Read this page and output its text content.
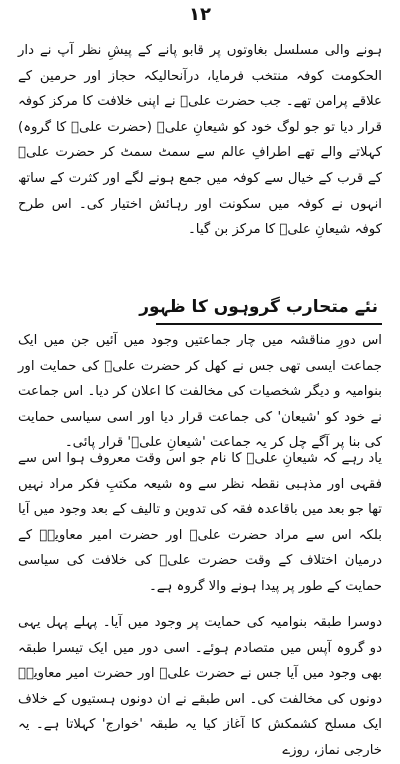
۱۲

ہونے والی مسلسل بغاوتوں پر قابو پانے کے پیشِ نظر آپ نے دار الحکومت کوفہ منتخب فرمایا، درآنحالیکہ حجاز اور حرمین کے علاقے پرامن تھے۔ جب حضرت علیؓ نے اپنی خلافت کا مرکز کوفہ قرار دیا تو جو لوگ خود کو شیعانِ علیؓ (حضرت علیؓ کا گروہ) کہلاتے والے تھے اطرافِ عالم سے سمٹ سمٹ کر حضرت علیؓ کے قرب کے خیال سے کوفہ میں جمع ہونے لگے اور کثرت کے ساتھ انہوں نے کوفہ میں سکونت اور رہائش اختیار کی۔ اس طرح کوفہ شیعانِ علیؓ کا مرکز بن گیا۔

نئے متحارب گروہوں کا ظہور

اس دورِ مناقشہ میں چار جماعتیں وجود میں آئیں جن میں ایک جماعت ایسی تھی جس نے کھل کر حضرت علیؓ کی حمایت اور بنوامیہ و دیگر شخصیات کی مخالفت کا اعلان کر دیا۔ اس جماعت نے خود کو 'شیعان' کی جماعت قرار دیا اور اسی سیاسی حمایت کی بنا پر آگے چل کر یہ جماعت 'شیعانِ علیؓ' قرار پائی۔

یاد رہے کہ شیعانِ علیؓ کا نام جو اس وقت معروف ہوا اس سے فقہی اور مذہبی نقطہ نظر سے وہ شیعہ مکتبِ فکر مراد نہیں تھا جو بعد میں باقاعدہ فقہ کی تدوین و تالیف کے بعد وجود میں آیا بلکہ اس سے مراد حضرت علیؓ اور حضرت امیر معاویہؓ کے درمیان اختلاف کے وقت حضرت علیؓ کی خلافت کی سیاسی حمایت کے طور پر پیدا ہونے والا گروہ ہے۔

دوسرا طبقہ بنوامیہ کی حمایت پر وجود میں آیا۔ پہلے پہل یہی دو گروہ آپس میں متصادم ہوئے۔ اسی دور میں ایک تیسرا طبقہ بھی وجود میں آیا جس نے حضرت علیؓ اور حضرت امیر معاویہؓ دونوں کی مخالفت کی۔ اس طبقے نے ان دونوں ہستیوں کے خلاف ایک مسلح کشمکش کا آغاز کیا یہ طبقہ 'خوارج' کہلاتا ہے۔ یہ خارجی نماز، روزے
